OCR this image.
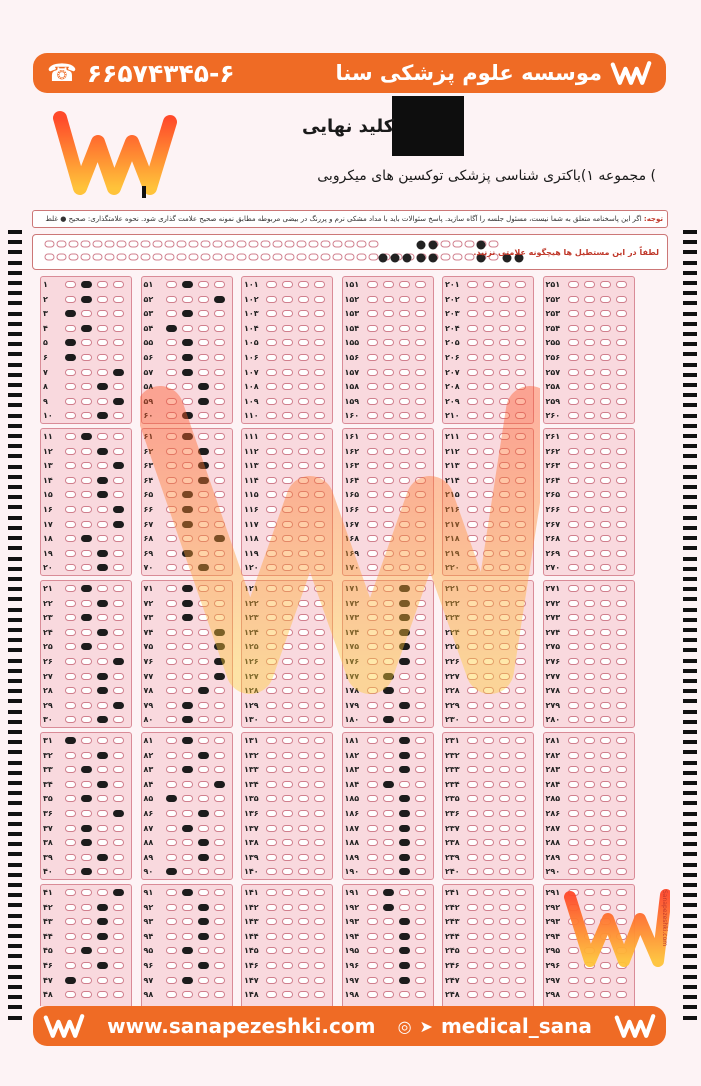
☎ ۶۶۵۷۴۳۴۵-۶	موسسه علوم پزشکی سنا
کلید نهایی
) مجموعه ۱)باکتری شناسی پزشکی توکسین های میکروبی
توجه: اگر این پاسخنامه متعلق به شما نیست، مسئول جلسه را آگاه سازید. پاسخ سئوالات باید با مداد مشکی نرم و پررنگ در بیضی مربوطه مطابق نمونه صحیح علامت گذاری شود. نحوه علامتگذاری: صحیح ● غلط
لطفاً در این مستطیل ها هیچگونه علامتی نزنید.
۱
۲
۳
۴
۵
۶
۷
۸
۹
۱۰
۱۱
۱۲
۱۳
۱۴
۱۵
۱۶
۱۷
۱۸
۱۹
۲۰
۲۱
۲۲
۲۳
۲۴
۲۵
۲۶
۲۷
۲۸
۲۹
۳۰
۳۱
۳۲
۳۳
۳۴
۳۵
۳۶
۳۷
۳۸
۳۹
۴۰
۴۱
۴۲
۴۳
۴۴
۴۵
۴۶
۴۷
۴۸
۵۱
۵۲
۵۳
۵۴
۵۵
۵۶
۵۷
۵۸
۵۹
۶۰
۶۱
۶۲
۶۳
۶۴
۶۵
۶۶
۶۷
۶۸
۶۹
۷۰
۷۱
۷۲
۷۳
۷۴
۷۵
۷۶
۷۷
۷۸
۷۹
۸۰
۸۱
۸۲
۸۳
۸۴
۸۵
۸۶
۸۷
۸۸
۸۹
۹۰
۹۱
۹۲
۹۳
۹۴
۹۵
۹۶
۹۷
۹۸
۱۰۱
۱۰۲
۱۰۳
۱۰۴
۱۰۵
۱۰۶
۱۰۷
۱۰۸
۱۰۹
۱۱۰
۱۱۱
۱۱۲
۱۱۳
۱۱۴
۱۱۵
۱۱۶
۱۱۷
۱۱۸
۱۱۹
۱۲۰
۱۲۱
۱۲۲
۱۲۳
۱۲۴
۱۲۵
۱۲۶
۱۲۷
۱۲۸
۱۲۹
۱۳۰
۱۳۱
۱۳۲
۱۳۳
۱۳۴
۱۳۵
۱۳۶
۱۳۷
۱۳۸
۱۳۹
۱۴۰
۱۴۱
۱۴۲
۱۴۳
۱۴۴
۱۴۵
۱۴۶
۱۴۷
۱۴۸
۱۵۱
۱۵۲
۱۵۳
۱۵۴
۱۵۵
۱۵۶
۱۵۷
۱۵۸
۱۵۹
۱۶۰
۱۶۱
۱۶۲
۱۶۳
۱۶۴
۱۶۵
۱۶۶
۱۶۷
۱۶۸
۱۶۹
۱۷۰
۱۷۱
۱۷۲
۱۷۳
۱۷۴
۱۷۵
۱۷۶
۱۷۷
۱۷۸
۱۷۹
۱۸۰
۱۸۱
۱۸۲
۱۸۳
۱۸۴
۱۸۵
۱۸۶
۱۸۷
۱۸۸
۱۸۹
۱۹۰
۱۹۱
۱۹۲
۱۹۳
۱۹۴
۱۹۵
۱۹۶
۱۹۷
۱۹۸
۲۰۱
۲۰۲
۲۰۳
۲۰۴
۲۰۵
۲۰۶
۲۰۷
۲۰۸
۲۰۹
۲۱۰
۲۱۱
۲۱۲
۲۱۳
۲۱۴
۲۱۵
۲۱۶
۲۱۷
۲۱۸
۲۱۹
۲۲۰
۲۲۱
۲۲۲
۲۲۳
۲۲۴
۲۲۵
۲۲۶
۲۲۷
۲۲۸
۲۲۹
۲۳۰
۲۳۱
۲۳۲
۲۳۳
۲۳۴
۲۳۵
۲۳۶
۲۳۷
۲۳۸
۲۳۹
۲۴۰
۲۴۱
۲۴۲
۲۴۳
۲۴۴
۲۴۵
۲۴۶
۲۴۷
۲۴۸
۲۵۱
۲۵۲
۲۵۳
۲۵۴
۲۵۵
۲۵۶
۲۵۷
۲۵۸
۲۵۹
۲۶۰
۲۶۱
۲۶۲
۲۶۳
۲۶۴
۲۶۵
۲۶۶
۲۶۷
۲۶۸
۲۶۹
۲۷۰
۲۷۱
۲۷۲
۲۷۳
۲۷۴
۲۷۵
۲۷۶
۲۷۷
۲۷۸
۲۷۹
۲۸۰
۲۸۱
۲۸۲
۲۸۳
۲۸۴
۲۸۵
۲۸۶
۲۸۷
۲۸۸
۲۸۹
۲۹۰
۲۹۱
۲۹۲
۲۹۳
۲۹۴
۲۹۵
۲۹۶
۲۹۷
۲۹۸
Sanapezeshki.com
www.sanapezeshki.com ◎ ➤ medical_sana
